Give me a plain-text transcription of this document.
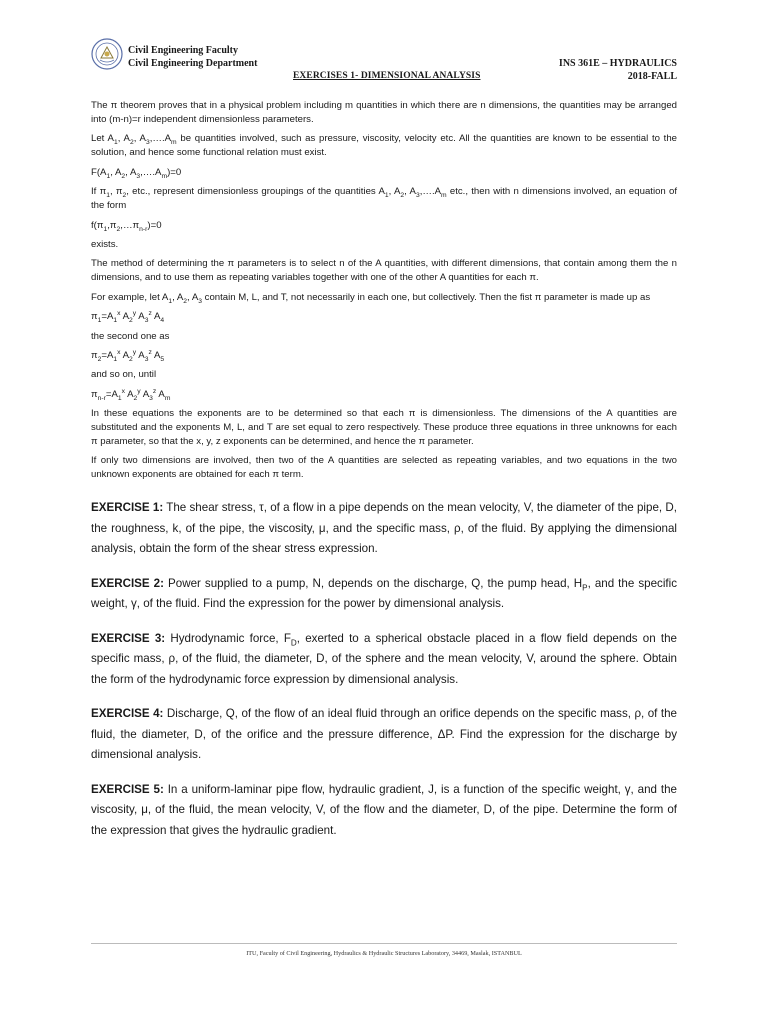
Civil Engineering Faculty
Civil Engineering Department	INS 361E – HYDRAULICS
2018-FALL
EXERCISES 1- DIMENSIONAL ANALYSIS

The π theorem proves that in a physical problem including m quantities in which there are n dimensions, the quantities may be arranged into (m-n)=r independent dimensionless parameters.

Let $A_1$, $A_2$, $A_3,\dots.A_m$ be quantities involved, such as pressure, viscosity, velocity etc. All the quantities are known to be essential to the solution, and hence some functional relation must exist.

$F(A_1$, $A_2$, $A_3,\dots.A_m)=0$

If $\pi_1$, $\pi_2$, etc., represent dimensionless groupings of the quantities $A_1$, $A_2$, $A_3,\dots.A_m$ etc., then with n dimensions involved, an equation of the form

$f(\pi_1,\pi_2,\dots\pi_{n-r})=0$

exists.

The method of determining the π parameters is to select n of the A quantities, with different dimensions, that contain among them the n dimensions, and to use them as repeating variables together with one of the other A quantities for each π.

For example, let $A_1$, $A_2$, $A_3$ contain M, L, and T, not necessarily in each one, but collectively. Then the fist π parameter is made up as

$\pi_1=A_1^x$ $A_2^y$ $A_3^z$ $A_4$

the second one as

$\pi_2=A_1^x$ $A_2^y$ $A_3^z$ $A_5$

and so on, until

$\pi_{n-r}=A_1^x$ $A_2^y$ $A_3^z$ $A_m$

In these equations the exponents are to be determined so that each π is dimensionless. The dimensions of the A quantities are substituted and the exponents M, L, and T are set equal to zero respectively. These produce three equations in three unknowns for each π parameter, so that the x, y, z exponents can be determined, and hence the π parameter.

If only two dimensions are involved, then two of the A quantities are selected as repeating variables, and two equations in the two unknown exponents are obtained for each π term.

EXERCISE 1: The shear stress, τ, of a flow in a pipe depends on the mean velocity, V, the diameter of the pipe, D, the roughness, k, of the pipe, the viscosity, μ, and the specific mass, ρ, of the fluid. By applying the dimensional analysis, obtain the form of the shear stress expression.

EXERCISE 2: Power supplied to a pump, N, depends on the discharge, Q, the pump head, $H_P$, and the specific weight, γ, of the fluid. Find the expression for the power by dimensional analysis.

EXERCISE 3: Hydrodynamic force, $F_D$, exerted to a spherical obstacle placed in a flow field depends on the specific mass, ρ, of the fluid, the diameter, D, of the sphere and the mean velocity, V, around the sphere. Obtain the form of the hydrodynamic force expression by dimensional analysis.

EXERCISE 4: Discharge, Q, of the flow of an ideal fluid through an orifice depends on the specific mass, ρ, of the fluid, the diameter, D, of the orifice and the pressure difference, ΔP. Find the expression for the discharge by dimensional analysis.

EXERCISE 5: In a uniform-laminar pipe flow, hydraulic gradient, J, is a function of the specific weight, γ, and the viscosity, μ, of the fluid, the mean velocity, V, of the flow and the diameter, D, of the pipe. Determine the form of the expression that gives the hydraulic gradient.

ITU, Faculty of Civil Engineering, Hydraulics & Hydraulic Structures Laboratory, 34469, Maslak, ISTANBUL
